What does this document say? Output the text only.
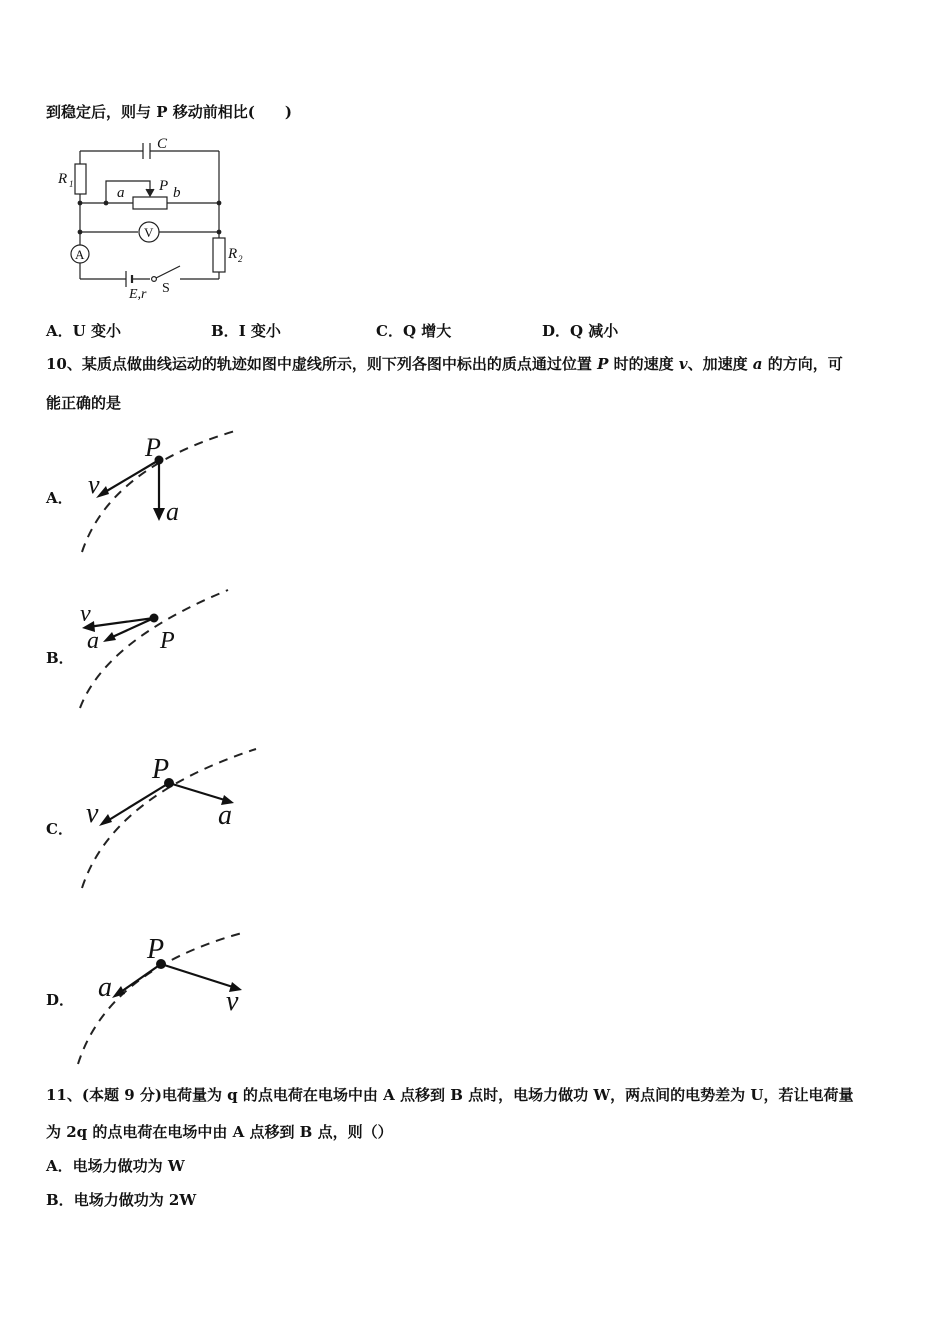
到稳定后，则与 P 移动前相比(　　)
C
R 1
R 2
a P b
V
A
E,r S
A．U 变小	B．I 变小	C．Q 增大	D．Q 减小
10、某质点做曲线运动的轨迹如图中虚线所示，则下列各图中标出的质点通过位置 P 时的速度 v、加速度 a 的方向，可
能正确的是
A．
P
v
a
B．
v
a	P
C．
P
v	a
D．
P
a	v
11、(本题 9 分)电荷量为 q 的点电荷在电场中由 A 点移到 B 点时，电场力做功 W，两点间的电势差为 U，若让电荷量
为 2q 的点电荷在电场中由 A 点移到 B 点，则（）
A．电场力做功为 W
B．电场力做功为 2W
